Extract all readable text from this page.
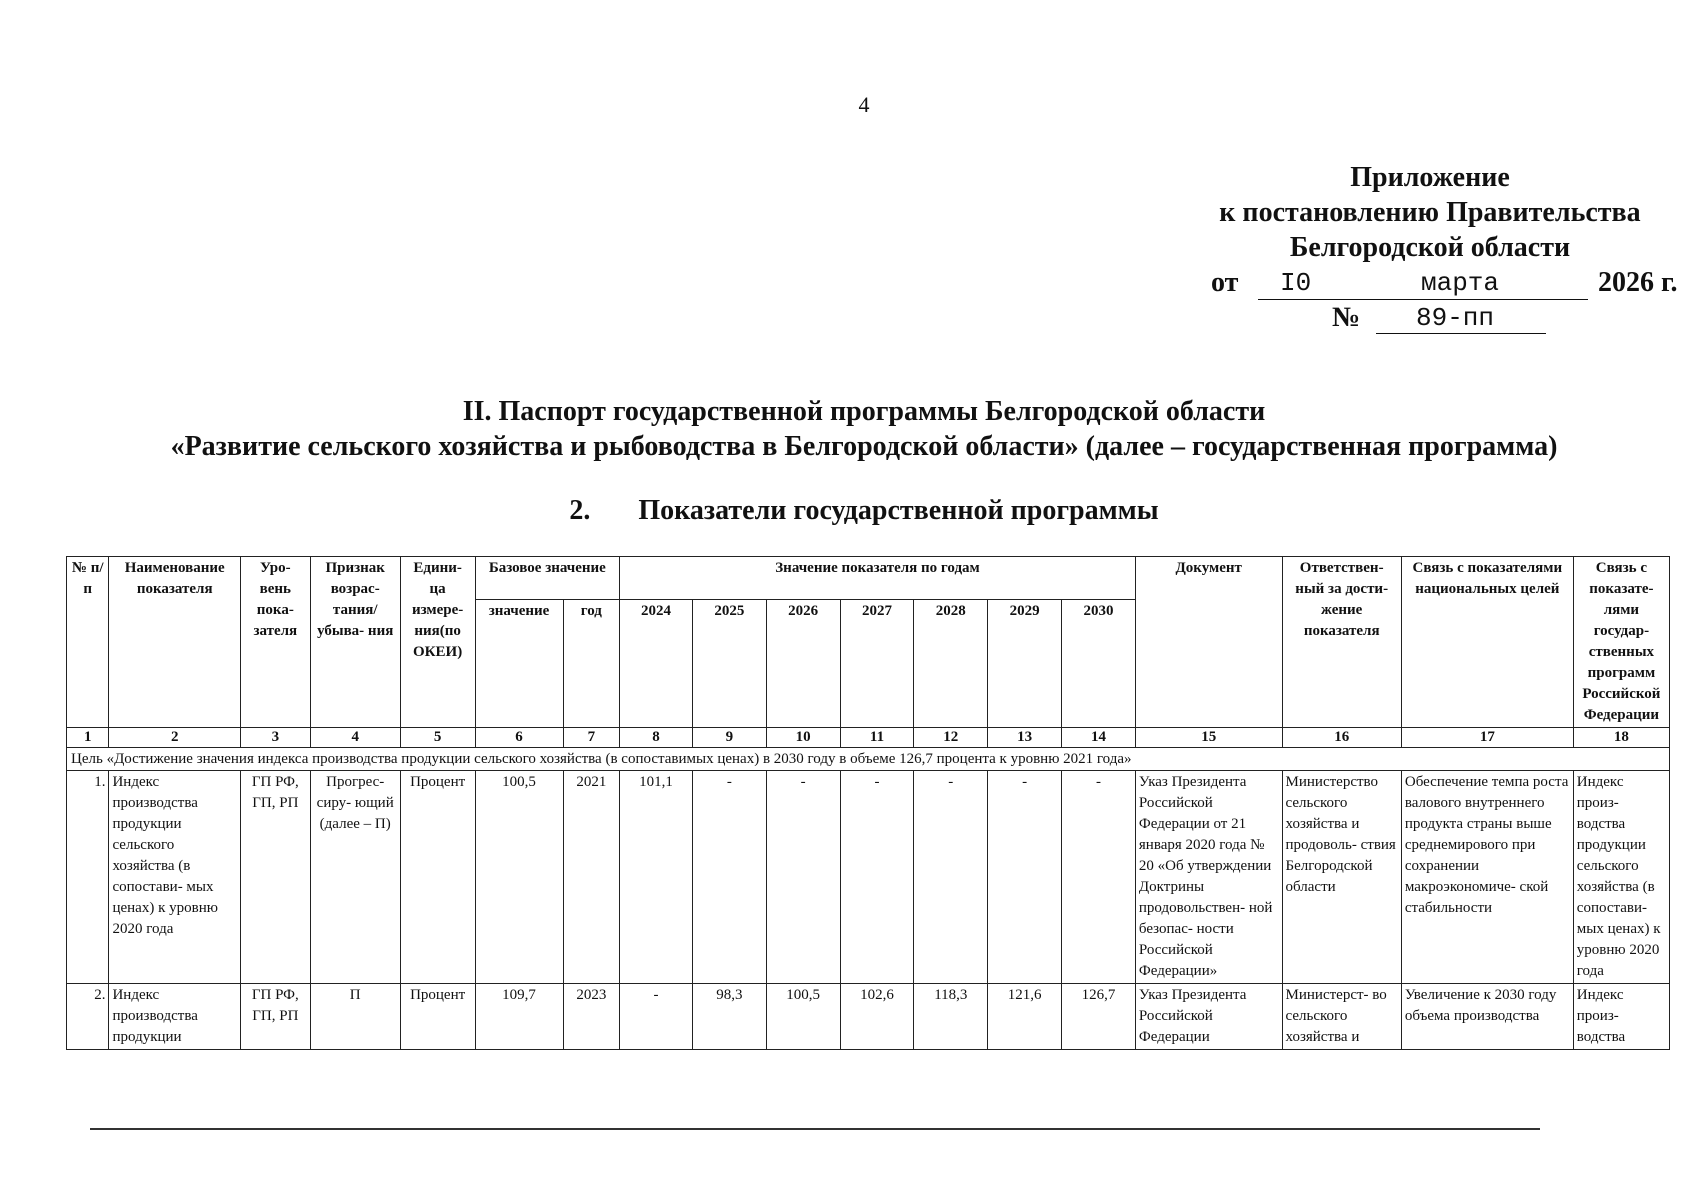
4
Приложение
к постановлению Правительства
Белгородской области
от I0	марта	2026 г.
№ 89-пп
II. Паспорт государственной программы Белгородской области
«Развитие сельского хозяйства и рыбоводства в Белгородской области» (далее – государственная программа)
2. Показатели государственной программы
№ п/п	Наименование показателя	Уро- вень пока- зателя	Признак возрас- тания/ убыва- ния	Едини- ца измере- ния(по ОКЕИ)	Базовое значение		Значение показателя по годам							Документ	Ответствен- ный за дости- жение показателя	Связь с показателями национальных целей	Связь с показате- лями государ- ственных программ Российской Федерации
					значение	год	2024	2025	2026	2027	2028	2029	2030				
1	2	3	4	5	6	7	8	9	10	11	12	13	14	15	16	17	18
Цель «Достижение значения индекса производства продукции сельского хозяйства (в сопоставимых ценах) в 2030 году в объеме 126,7 процента к уровню 2021 года»																	
1.	Индекс производства продукции сельского хозяйства (в сопостави- мых ценах) к уровню 2020 года	ГП РФ, ГП, РП	Прогрес- сиру- ющий (далее – П)	Процент	100,5	2021	101,1	-	-	-	-	-	-	Указ Президента Российской Федерации от 21 января 2020 года № 20 «Об утверждении Доктрины продовольствен- ной безопас- ности Российской Федерации»	Министерство сельского хозяйства и продоволь- ствия Белгородской области	Обеспечение темпа роста валового внутреннего продукта страны выше среднемирового при сохранении макроэкономиче- ской стабильности	Индекс произ- водства продукции сельского хозяйства (в сопостави- мых ценах) к уровню 2020 года
2.	Индекс производства продукции	ГП РФ, ГП, РП	П	Процент	109,7	2023	-	98,3	100,5	102,6	118,3	121,6	126,7	Указ Президента Российской Федерации	Министерст- во сельского хозяйства и	Увеличение к 2030 году объема производства	Индекс произ- водства
